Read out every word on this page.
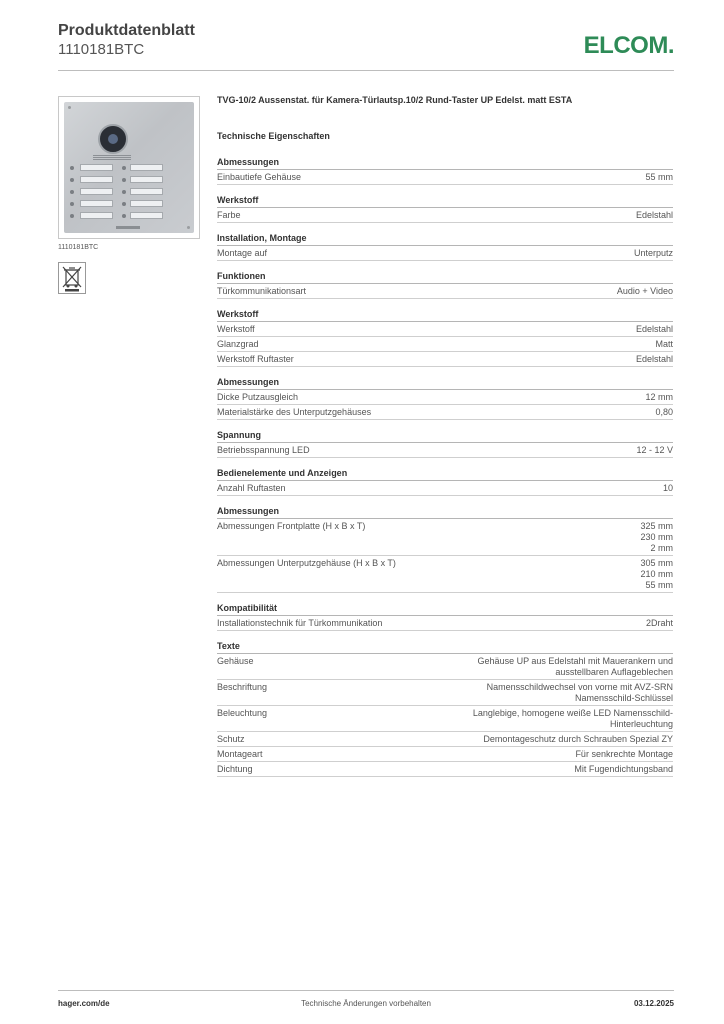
Produktdatenblatt
1110181BTC	ELCOM.
1110181BTC
TVG-10/2 Aussenstat. für Kamera-Türlautsp.10/2 Rund-Taster UP Edelst. matt ESTA
Technische Eigenschaften
Abmessungen
Einbautiefe Gehäuse	55 mm
Werkstoff
Farbe	Edelstahl
Installation, Montage
Montage auf	Unterputz
Funktionen
Türkommunikationsart	Audio + Video
Werkstoff
Werkstoff	Edelstahl
Glanzgrad	Matt
Werkstoff Ruftaster	Edelstahl
Abmessungen
Dicke Putzausgleich	12 mm
Materialstärke des Unterputzgehäuses	0,80
Spannung
Betriebsspannung LED	12 - 12 V
Bedienelemente und Anzeigen
Anzahl Ruftasten	10
Abmessungen
Abmessungen Frontplatte (H x B x T)	325 mm
230 mm
2 mm
Abmessungen Unterputzgehäuse (H x B x T)	305 mm
210 mm
55 mm
Kompatibilität
Installationstechnik für Türkommunikation	2Draht
Texte
Gehäuse	Gehäuse UP aus Edelstahl mit Mauerankern und
ausstellbaren Auflageblechen
Beschriftung	Namensschildwechsel von vorne mit AVZ-SRN
Namensschild-Schlüssel
Beleuchtung	Langlebige, homogene weiße LED Namensschild-
Hinterleuchtung
Schutz	Demontageschutz durch Schrauben Spezial ZY
Montageart	Für senkrechte Montage
Dichtung	Mit Fugendichtungsband
hager.com/de	Technische Änderungen vorbehalten	03.12.2025
